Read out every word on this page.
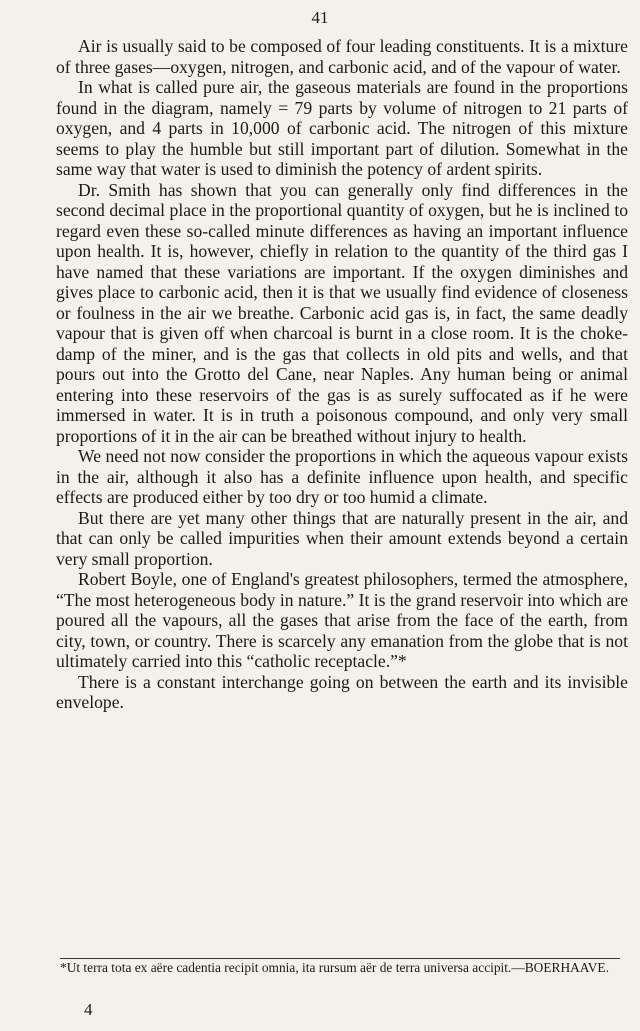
41

Air is usually said to be composed of four leading constituents. It is a mixture of three gases—oxygen, nitrogen, and carbonic acid, and of the vapour of water.

In what is called pure air, the gaseous materials are found in the proportions found in the diagram, namely = 79 parts by volume of nitrogen to 21 parts of oxygen, and 4 parts in 10,000 of carbonic acid. The nitrogen of this mixture seems to play the humble but still important part of dilution. Somewhat in the same way that water is used to diminish the potency of ardent spirits.

Dr. Smith has shown that you can generally only find differences in the second decimal place in the proportional quantity of oxygen, but he is inclined to regard even these so-called minute differences as having an important influence upon health. It is, however, chiefly in relation to the quantity of the third gas I have named that these variations are important. If the oxygen diminishes and gives place to carbonic acid, then it is that we usually find evidence of closeness or foulness in the air we breathe. Carbonic acid gas is, in fact, the same deadly vapour that is given off when charcoal is burnt in a close room. It is the choke-damp of the miner, and is the gas that collects in old pits and wells, and that pours out into the Grotto del Cane, near Naples. Any human being or animal entering into these reservoirs of the gas is as surely suffocated as if he were immersed in water. It is in truth a poisonous compound, and only very small proportions of it in the air can be breathed without injury to health.

We need not now consider the proportions in which the aqueous vapour exists in the air, although it also has a definite influence upon health, and specific effects are produced either by too dry or too humid a climate.

But there are yet many other things that are naturally present in the air, and that can only be called impurities when their amount extends beyond a certain very small proportion.

Robert Boyle, one of England's greatest philosophers, termed the atmosphere, “The most heterogeneous body in nature.” It is the grand reservoir into which are poured all the vapours, all the gases that arise from the face of the earth, from city, town, or country. There is scarcely any emanation from the globe that is not ultimately carried into this “catholic receptacle.”*

There is a constant interchange going on between the earth and its invisible envelope.

*Ut terra tota ex aëre cadentia recipit omnia, ita rursum aër de terra universa accipit.—BOERHAAVE.

4
